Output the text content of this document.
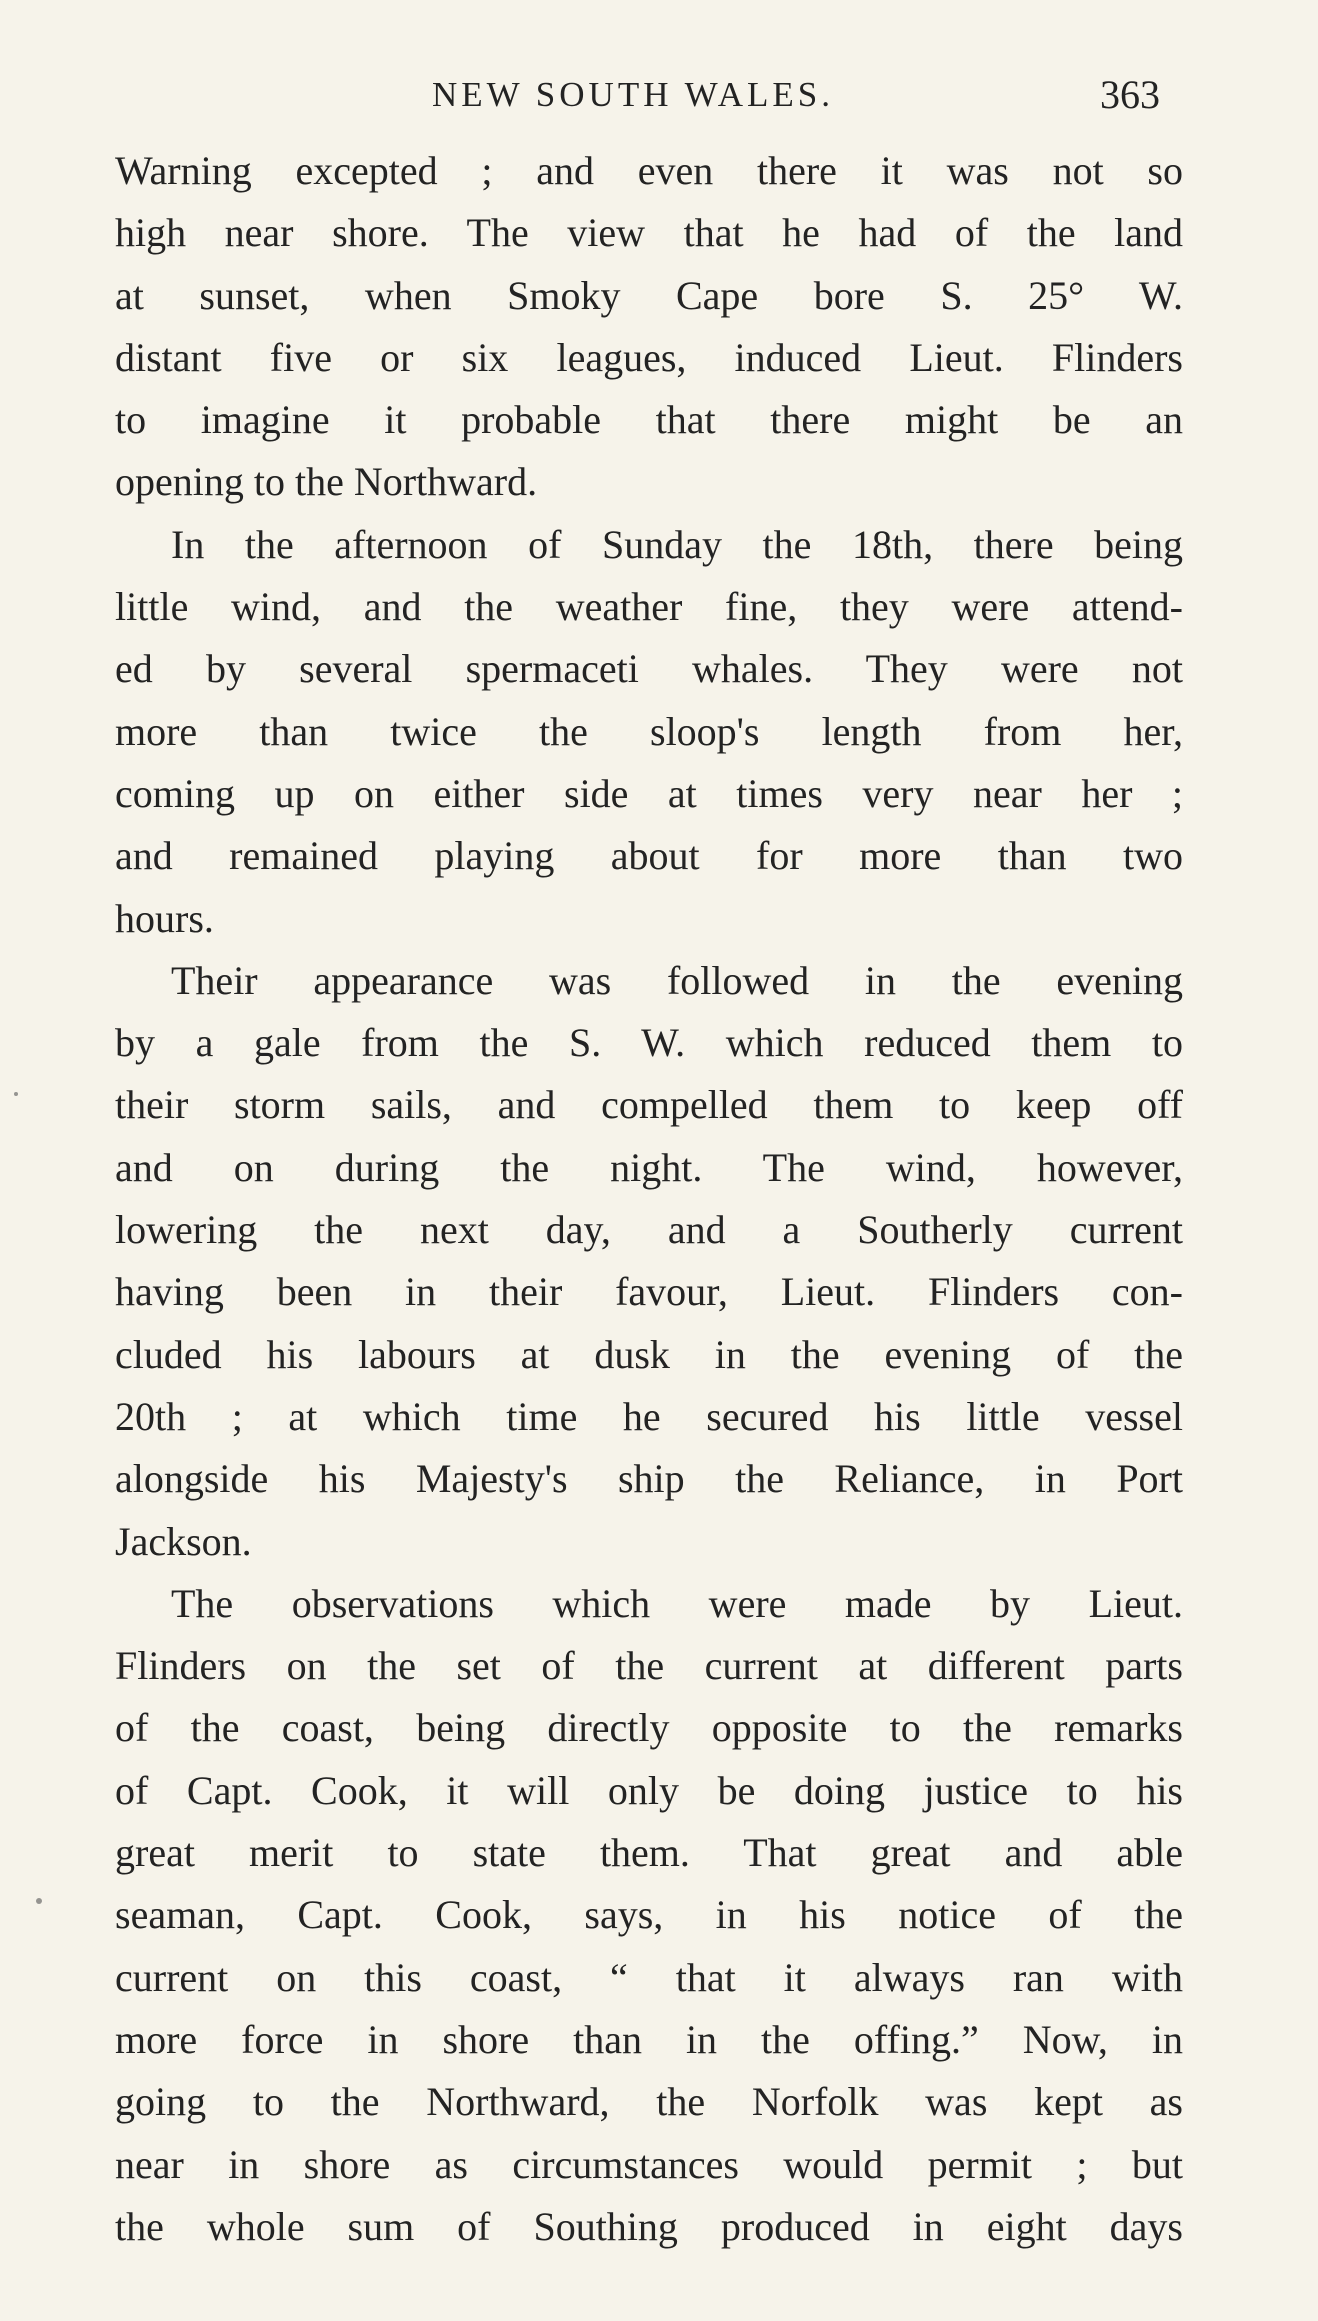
NEW SOUTH WALES.	363

Warning excepted ; and even there it was not so
high near shore. The view that he had of the land
at sunset, when Smoky Cape bore S. 25° W.
distant five or six leagues, induced Lieut. Flinders
to imagine it probable that there might be an
opening to the Northward.

In the afternoon of Sunday the 18th, there being
little wind, and the weather fine, they were attend-
ed by several spermaceti whales. They were not
more than twice the sloop's length from her,
coming up on either side at times very near her ;
and remained playing about for more than two
hours.

Their appearance was followed in the evening
by a gale from the S. W. which reduced them to
their storm sails, and compelled them to keep off
and on during the night. The wind, however,
lowering the next day, and a Southerly current
having been in their favour, Lieut. Flinders con-
cluded his labours at dusk in the evening of the
20th ; at which time he secured his little vessel
alongside his Majesty's ship the Reliance, in Port
Jackson.

The observations which were made by Lieut.
Flinders on the set of the current at different parts
of the coast, being directly opposite to the remarks
of Capt. Cook, it will only be doing justice to his
great merit to state them. That great and able
seaman, Capt. Cook, says, in his notice of the
current on this coast, “ that it always ran with
more force in shore than in the offing.” Now, in
going to the Northward, the Norfolk was kept as
near in shore as circumstances would permit ; but
the whole sum of Southing produced in eight days
